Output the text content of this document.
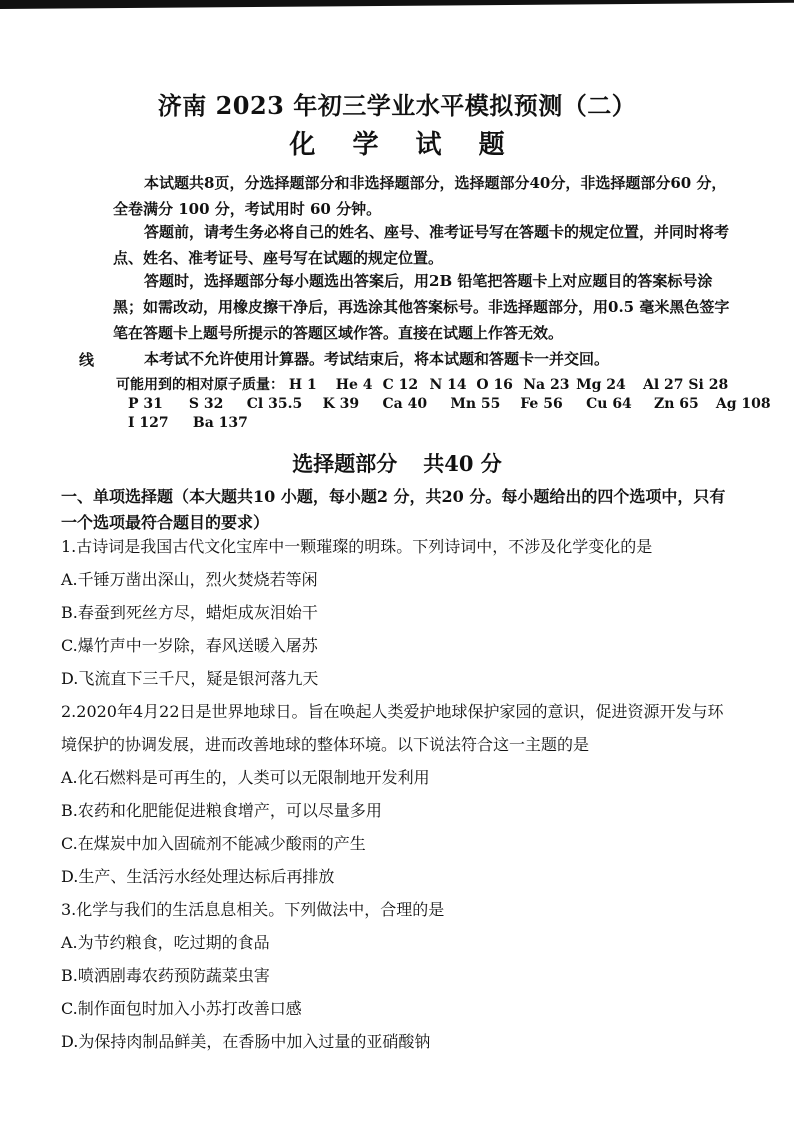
济南 2023 年初三学业水平模拟预测（二）
化 学 试 题

本试题共8页，分选择题部分和非选择题部分，选择题部分40分，非选择题部分60 分，全卷满分 100 分，考试用时 60 分钟。

答题前，请考生务必将自己的姓名、座号、准考证号写在答题卡的规定位置，并同时将考点、姓名、准考证号、座号写在试题的规定位置。

答题时，选择题部分每小题选出答案后，用2B 铅笔把答题卡上对应题目的答案标号涂黑；如需改动，用橡皮擦干净后，再选涂其他答案标号。非选择题部分，用0.5 毫米黑色签字笔在答题卡上题号所提示的答题区域作答。直接在试题上作答无效。

本考试不允许使用计算器。考试结束后，将本试题和答题卡一并交回。

线
可能用到的相对原子质量： H 1 He 4 C 12 N 14 O 16 Na 23 Mg 24 Al 27 Si 28
P 31 S 32 Cl 35.5 K 39 Ca 40 Mn 55 Fe 56 Cu 64 Zn 65 Ag 108
I 127 Ba 137
选择题部分 共40 分

一、单项选择题（本大题共10 小题，每小题2 分，共20 分。每小题给出的四个选项中，只有一个选项最符合题目的要求）

1.古诗词是我国古代文化宝库中一颗璀璨的明珠。下列诗词中，不涉及化学变化的是

A.千锤万凿出深山，烈火焚烧若等闲

B.春蚕到死丝方尽，蜡炬成灰泪始干

C.爆竹声中一岁除，春风送暖入屠苏

D.飞流直下三千尺，疑是银河落九天

2.2020年4月22日是世界地球日。旨在唤起人类爱护地球保护家园的意识，促进资源开发与环

境保护的协调发展，进而改善地球的整体环境。以下说法符合这一主题的是

A.化石燃料是可再生的，人类可以无限制地开发利用

B.农药和化肥能促进粮食增产，可以尽量多用

C.在煤炭中加入固硫剂不能减少酸雨的产生

D.生产、生活污水经处理达标后再排放

3.化学与我们的生活息息相关。下列做法中，合理的是

A.为节约粮食，吃过期的食品

B.喷洒剧毒农药预防蔬菜虫害

C.制作面包时加入小苏打改善口感

D.为保持肉制品鲜美，在香肠中加入过量的亚硝酸钠
